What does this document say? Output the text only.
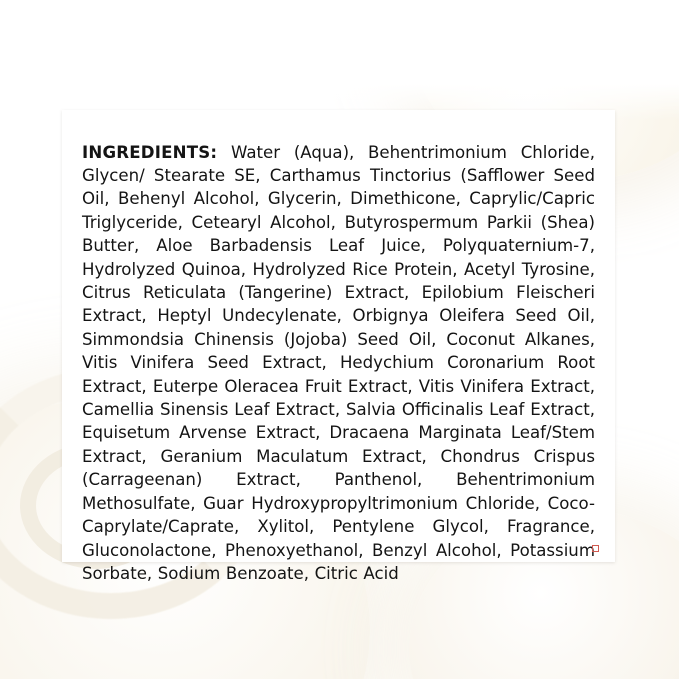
INGREDIENTS: Water (Aqua), Behentrimonium Chloride, Glycen/ Stearate SE, Carthamus Tinctorius (Safflower Seed Oil, Behenyl Alcohol, Glycerin, Dimethicone, Caprylic/Capric Triglyceride, Cetearyl Alcohol, Butyrospermum Parkii (Shea) Butter, Aloe Barbadensis Leaf Juice, Polyquaternium-7, Hydrolyzed Quinoa, Hydrolyzed Rice Protein, Acetyl Tyrosine, Citrus Reticulata (Tangerine) Extract, Epilobium Fleischeri Extract, Heptyl Undecylenate, Orbignya Oleifera Seed Oil, Simmondsia Chinensis (Jojoba) Seed Oil, Coconut Alkanes, Vitis Vinifera Seed Extract, Hedychium Coronarium Root Extract, Euterpe Oleracea Fruit Extract, Vitis Vinifera Extract, Camellia Sinensis Leaf Extract, Salvia Officinalis Leaf Extract, Equisetum Arvense Extract, Dracaena Marginata Leaf/Stem Extract, Geranium Maculatum Extract, Chondrus Crispus (Carrageenan) Extract, Panthenol, Behentrimonium Methosulfate, Guar Hydroxypropyltrimonium Chloride, Coco-Caprylate/Caprate, Xylitol, Pentylene Glycol, Fragrance, Gluconolactone, Phenoxyethanol, Benzyl Alcohol, Potassium Sorbate, Sodium Benzoate, Citric Acid
